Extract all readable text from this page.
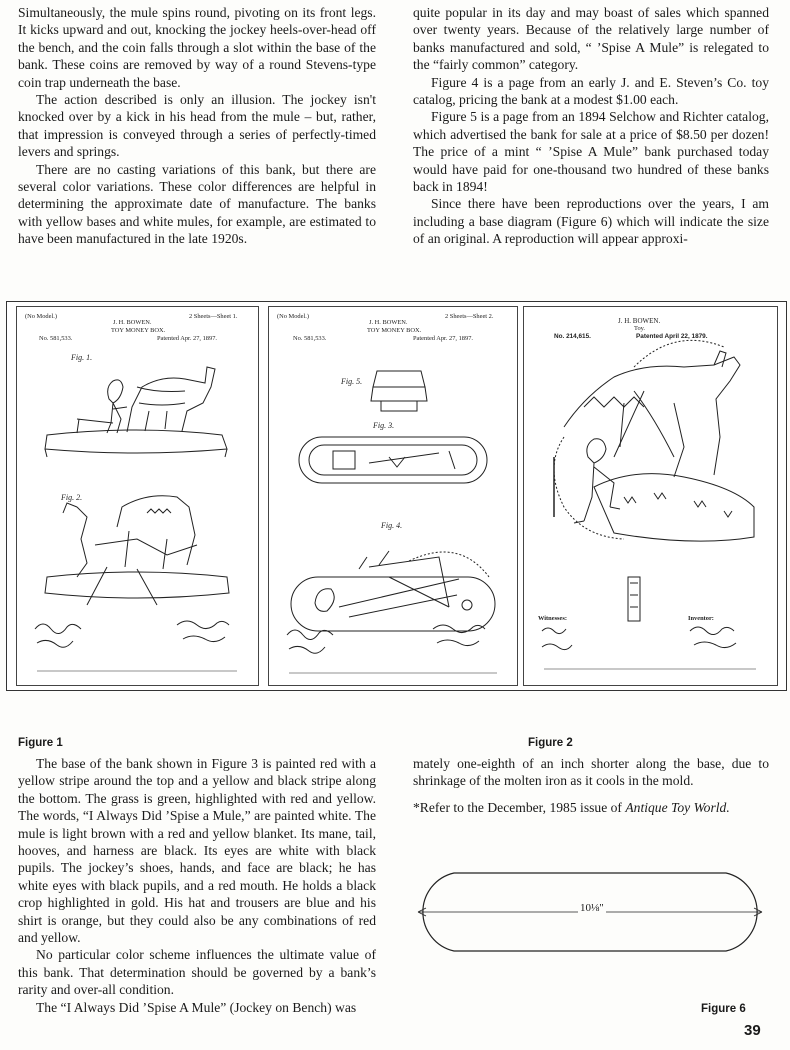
Simultaneously, the mule spins round, pivoting on its front legs. It kicks upward and out, knocking the jockey heels-over-head off the bench, and the coin falls through a slot within the base of the bank. These coins are removed by way of a round Stevens-type coin trap underneath the base.

The action described is only an illusion. The jockey isn't knocked over by a kick in his head from the mule – but, rather, that impression is conveyed through a series of perfectly-timed levers and springs.

There are no casting variations of this bank, but there are several color variations. These color differences are helpful in determining the approximate date of manufacture. The banks with yellow bases and white mules, for example, are estimated to have been manufactured in the late 1920s.

quite popular in its day and may boast of sales which spanned over twenty years. Because of the relatively large number of banks manufactured and sold, “ ’Spise A Mule” is relegated to the “fairly common” category.

Figure 4 is a page from an early J. and E. Steven’s Co. toy catalog, pricing the bank at a modest $1.00 each.

Figure 5 is a page from an 1894 Selchow and Richter catalog, which advertised the bank for sale at a price of $8.50 per dozen! The price of a mint “ ’Spise A Mule” bank purchased today would have paid for one-thousand two hundred of these banks back in 1894!

Since there have been reproductions over the years, I am including a base diagram (Figure 6) which will indicate the size of an original. A reproduction will appear approxi-

(No Model.)	2 Sheets—Sheet 1.
J. H. BOWEN.
TOY MONEY BOX.
No. 581,533.	Patented Apr. 27, 1897.
Fig. 1.
Fig. 2.
(No Model.)	2 Sheets—Sheet 2.
J. H. BOWEN.
TOY MONEY BOX.
No. 581,533.	Patented Apr. 27, 1897.
Fig. 5.
Fig. 3.
Fig. 4.
J. H. BOWEN.
Toy.
No. 214,615.	Patented April 22, 1879.
Witnesses:	Inventor:
Figure 1	Figure 2

The base of the bank shown in Figure 3 is painted red with a yellow stripe around the top and a yellow and black stripe along the bottom. The grass is green, highlighted with red and yellow. The words, “I Always Did ’Spise a Mule,” are painted white. The mule is light brown with a red and yellow blanket. Its mane, tail, hooves, and harness are black. Its eyes are white with black pupils. The jockey’s shoes, hands, and face are black; he has white eyes with black pupils, and a red mouth. He holds a black crop highlighted in gold. His hat and trousers are blue and his shirt is orange, but they could also be any combinations of red and yellow.

No particular color scheme influences the ultimate value of this bank. That determination should be governed by a bank’s rarity and over-all condition.

The “I Always Did ’Spise A Mule” (Jockey on Bench) was

mately one-eighth of an inch shorter along the base, due to shrinkage of the molten iron as it cools in the mold.

*Refer to the December, 1985 issue of Antique Toy World.

10⅛"
Figure 6
39
